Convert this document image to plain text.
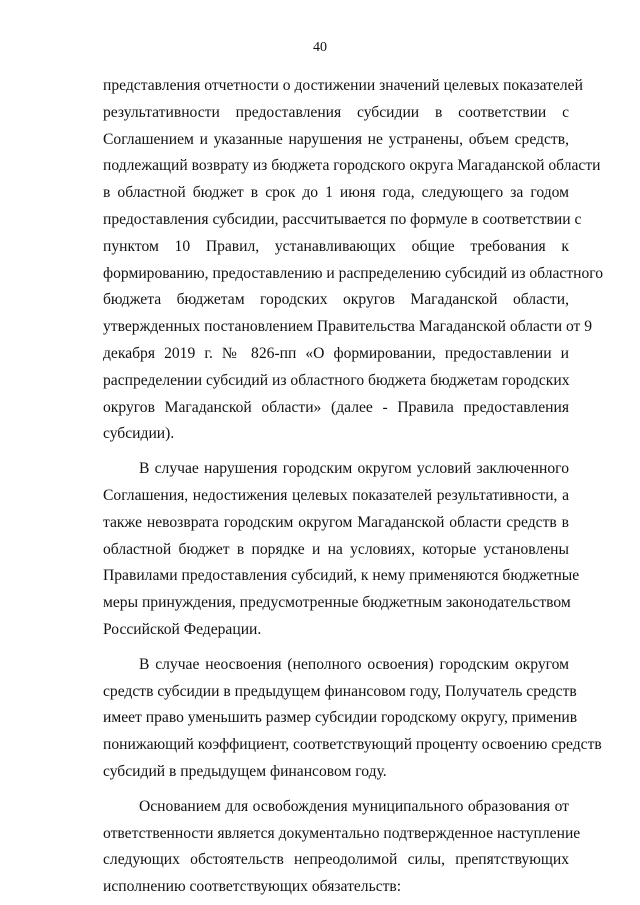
40
представления отчетности о достижении значений целевых показателей
результативности предоставления субсидии в соответствии с
Соглашением и указанные нарушения не устранены, объем средств,
подлежащий возврату из бюджета городского округа Магаданской области
в областной бюджет в срок до 1 июня года, следующего за годом
предоставления субсидии, рассчитывается по формуле в соответствии с
пунктом 10 Правил, устанавливающих общие требования к
формированию, предоставлению и распределению субсидий из областного
бюджета бюджетам городских округов Магаданской области,
утвержденных постановлением Правительства Магаданской области от 9
декабря 2019 г. № 826-пп «О формировании, предоставлении и
распределении субсидий из областного бюджета бюджетам городских
округов Магаданской области» (далее - Правила предоставления
субсидии).
В случае нарушения городским округом условий заключенного
Соглашения, недостижения целевых показателей результативности, а
также невозврата городским округом Магаданской области средств в
областной бюджет в порядке и на условиях, которые установлены
Правилами предоставления субсидий, к нему применяются бюджетные
меры принуждения, предусмотренные бюджетным законодательством
Российской Федерации.
В случае неосвоения (неполного освоения) городским округом
средств субсидии в предыдущем финансовом году, Получатель средств
имеет право уменьшить размер субсидии городскому округу, применив
понижающий коэффициент, соответствующий проценту освоению средств
субсидий в предыдущем финансовом году.
Основанием для освобождения муниципального образования от
ответственности является документально подтвержденное наступление
следующих обстоятельств непреодолимой силы, препятствующих
исполнению соответствующих обязательств:
